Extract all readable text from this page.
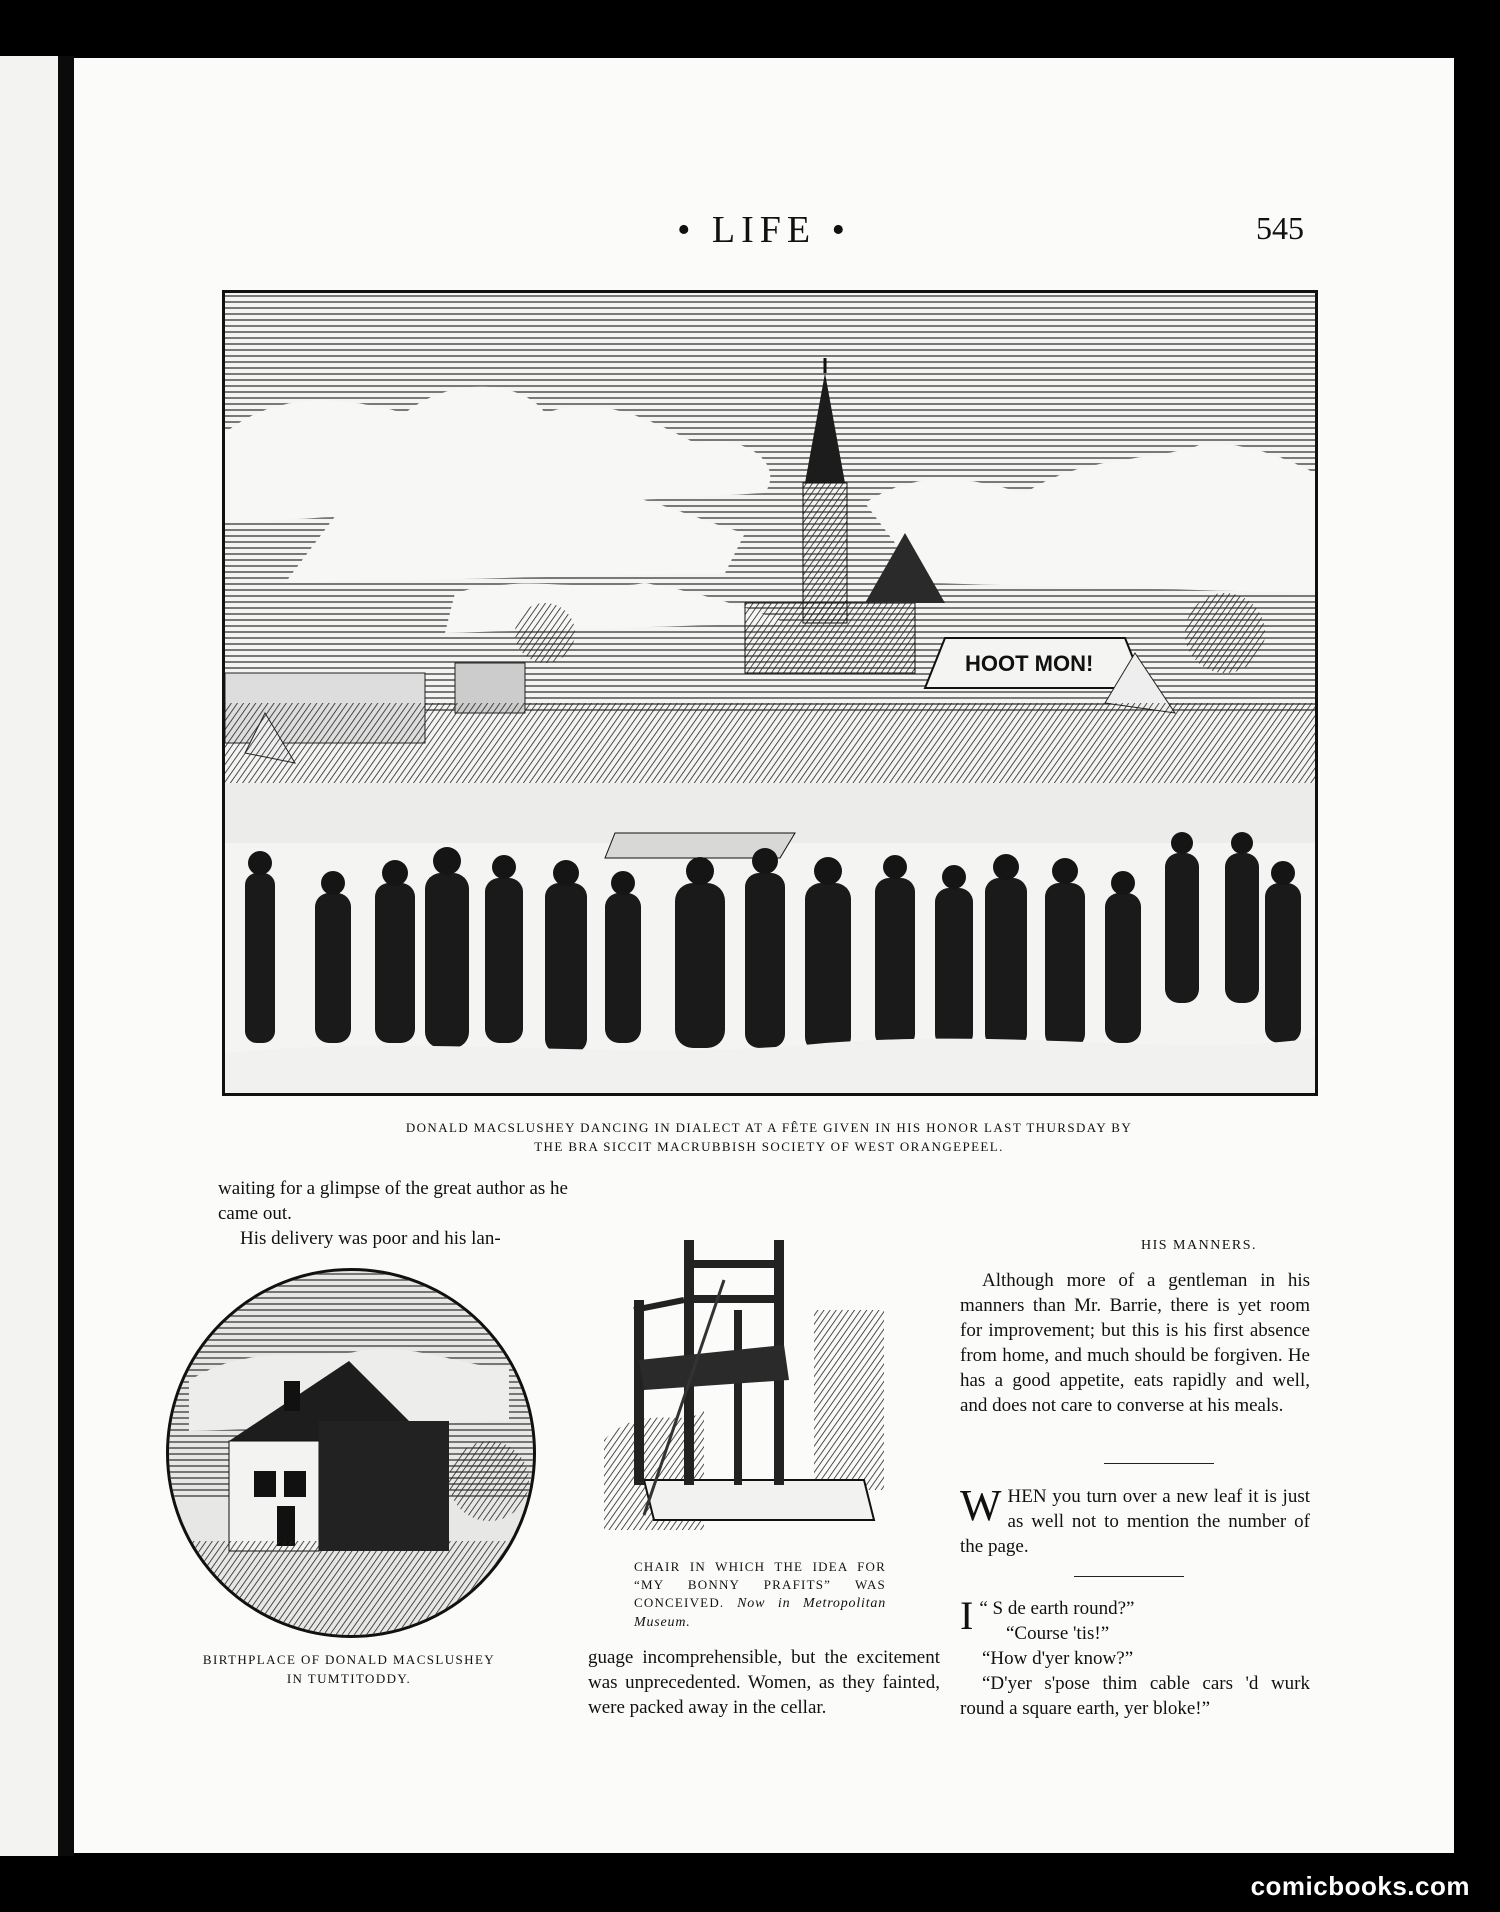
• LIFE •	545
HOOT MON!
DONALD MACSLUSHEY DANCING IN DIALECT AT A FÊTE GIVEN IN HIS HONOR LAST THURSDAY BY
THE BRA SICCIT MACRUBBISH SOCIETY OF WEST ORANGEPEEL.

waiting for a glimpse of the great author as he came out.

His delivery was poor and his lan-

BIRTHPLACE OF DONALD MACSLUSHEY
IN TUMTITODDY.
CHAIR IN WHICH THE IDEA FOR “MY BONNY PRAFITS” WAS CONCEIVED. Now in Metropolitan Museum.

guage incomprehensible, but the excitement was unprecedented. Women, as they fainted, were packed away in the cellar.

HIS MANNERS.

Although more of a gentleman in his manners than Mr. Barrie, there is yet room for improvement; but this is his first absence from home, and much should be forgiven. He has a good appetite, eats rapidly and well, and does not care to converse at his meals.

WHEN you turn over a new leaf it is just as well not to mention the number of the page.

“
I S de earth round?”

“Course 'tis!”

“How d'yer know?”

“D'yer s'pose thim cable cars 'd wurk round a square earth, yer bloke!”

comicbooks.com
